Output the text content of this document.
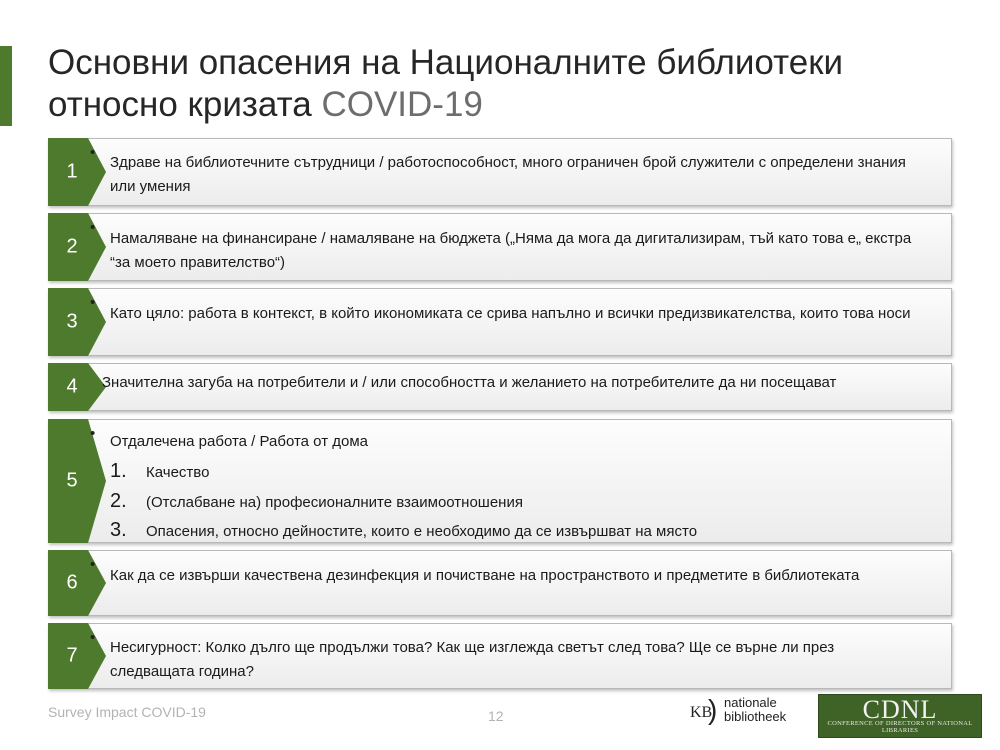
Основни опасения на Националните библиотеки
относно кризата COVID-19
1
•
Здраве на библиотечните сътрудници / работоспособност, много ограничен брой служители с определени знания или умения
2
•
Намаляване на финансиране / намаляване на бюджета („Няма да мога да дигитализирам, тъй като това е„ екстра “за моето правителство“)
3
•
Като цяло: работа в контекст, в който икономиката се срива напълно и всички предизвикателства, които това носи
4	Значителна загуба на потребители и / или способността и желанието на потребителите да ни посещават
5
• Отдалечена работа / Работа от дома
1. Качество
2. (Отслабване на) професионалните взаимоотношения
3. Опасения, относно дейностите, които е необходимо да се извършват на място
6
•
Как да се извърши качествена дезинфекция и почистване на пространството и предметите в библиотеката
7
•
Несигурност: Колко дълго ще продължи това? Как ще изглежда светът след това? Ще се върне ли през следващата година?
Survey Impact COVID-19	12	KB
) nationale
bibliotheek	CDNL
CONFERENCE OF DIRECTORS OF NATIONAL LIBRARIES
